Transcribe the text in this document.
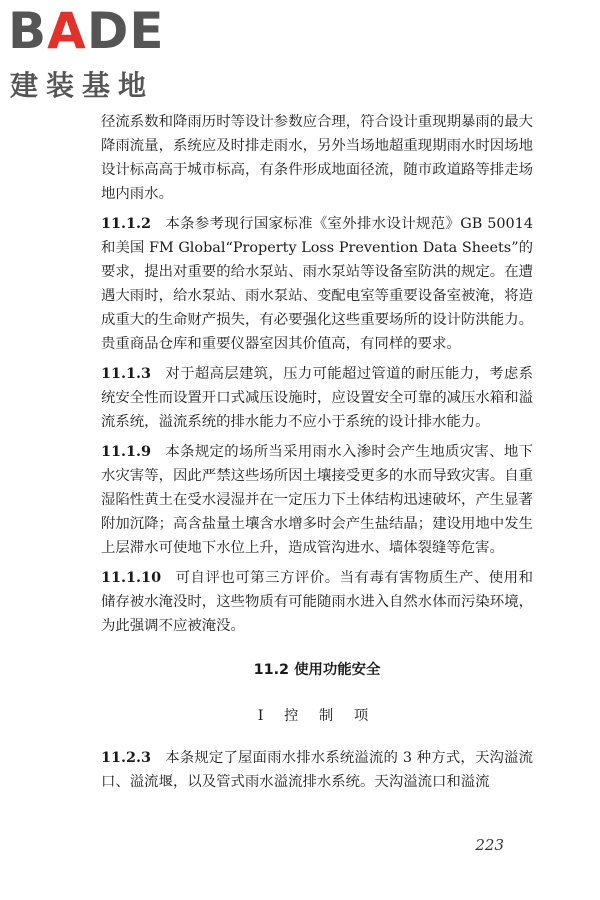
BADE
建装基地

径流系数和降雨历时等设计参数应合理，符合设计重现期暴雨的最大降雨流量，系统应及时排走雨水，另外当场地超重现期雨水时因场地设计标高高于城市标高，有条件形成地面径流，随市政道路等排走场地内雨水。

11.1.2 本条参考现行国家标准《室外排水设计规范》GB 50014 和美国 FM Global“Property Loss Prevention Data Sheets”的要求，提出对重要的给水泵站、雨水泵站等设备室防洪的规定。在遭遇大雨时，给水泵站、雨水泵站、变配电室等重要设备室被淹，将造成重大的生命财产损失，有必要强化这些重要场所的设计防洪能力。贵重商品仓库和重要仪器室因其价值高，有同样的要求。

11.1.3 对于超高层建筑，压力可能超过管道的耐压能力，考虑系统安全性而设置开口式减压设施时，应设置安全可靠的减压水箱和溢流系统，溢流系统的排水能力不应小于系统的设计排水能力。

11.1.9 本条规定的场所当采用雨水入渗时会产生地质灾害、地下水灾害等，因此严禁这些场所因土壤接受更多的水而导致灾害。自重湿陷性黄土在受水浸湿并在一定压力下土体结构迅速破坏，产生显著附加沉降；高含盐量土壤含水增多时会产生盐结晶；建设用地中发生上层滞水可使地下水位上升，造成管沟进水、墙体裂缝等危害。

11.1.10 可自评也可第三方评价。当有毒有害物质生产、使用和储存被水淹没时，这些物质有可能随雨水进入自然水体而污染环境，为此强调不应被淹没。

11.2 使用功能安全
Ⅰ 控 制 项

11.2.3 本条规定了屋面雨水排水系统溢流的 3 种方式，天沟溢流口、溢流堰，以及管式雨水溢流排水系统。天沟溢流口和溢流

223
